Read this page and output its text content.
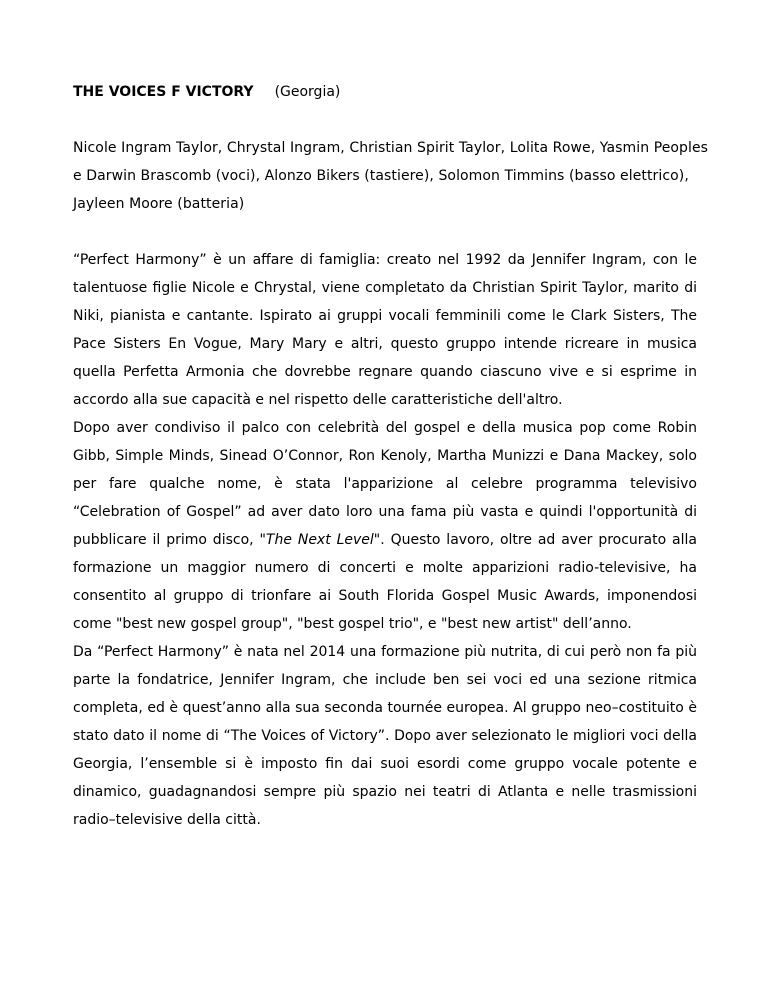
THE VOICES F VICTORY (Georgia)
Nicole Ingram Taylor, Chrystal Ingram, Christian Spirit Taylor, Lolita Rowe, Yasmin Peoples e Darwin Brascomb (voci), Alonzo Bikers (tastiere), Solomon Timmins (basso elettrico), Jayleen Moore (batteria)

“Perfect Harmony” è un affare di famiglia: creato nel 1992 da Jennifer Ingram, con le talentuose figlie Nicole e Chrystal, viene completato da Christian Spirit Taylor, marito di Niki, pianista e cantante. Ispirato ai gruppi vocali femminili come le Clark Sisters, The Pace Sisters En Vogue, Mary Mary e altri, questo gruppo intende ricreare in musica quella Perfetta Armonia che dovrebbe regnare quando ciascuno vive e si esprime in accordo alla sue capacità e nel rispetto delle caratteristiche dell'altro.

Dopo aver condiviso il palco con celebrità del gospel e della musica pop come Robin Gibb, Simple Minds, Sinead O’Connor, Ron Kenoly, Martha Munizzi e Dana Mackey, solo per fare qualche nome, è stata l'apparizione al celebre programma televisivo “Celebration of Gospel” ad aver dato loro una fama più vasta e quindi l'opportunità di pubblicare il primo disco, "The Next Level". Questo lavoro, oltre ad aver procurato alla formazione un maggior numero di concerti e molte apparizioni radio-televisive, ha consentito al gruppo di trionfare ai South Florida Gospel Music Awards, imponendosi come "best new gospel group", "best gospel trio", e "best new artist" dell’anno.

Da “Perfect Harmony” è nata nel 2014 una formazione più nutrita, di cui però non fa più parte la fondatrice, Jennifer Ingram, che include ben sei voci ed una sezione ritmica completa, ed è quest’anno alla sua seconda tournée europea. Al gruppo neo–costituito è stato dato il nome di “The Voices of Victory”. Dopo aver selezionato le migliori voci della Georgia, l’ensemble si è imposto fin dai suoi esordi come gruppo vocale potente e dinamico, guadagnandosi sempre più spazio nei teatri di Atlanta e nelle trasmissioni radio–televisive della città.
